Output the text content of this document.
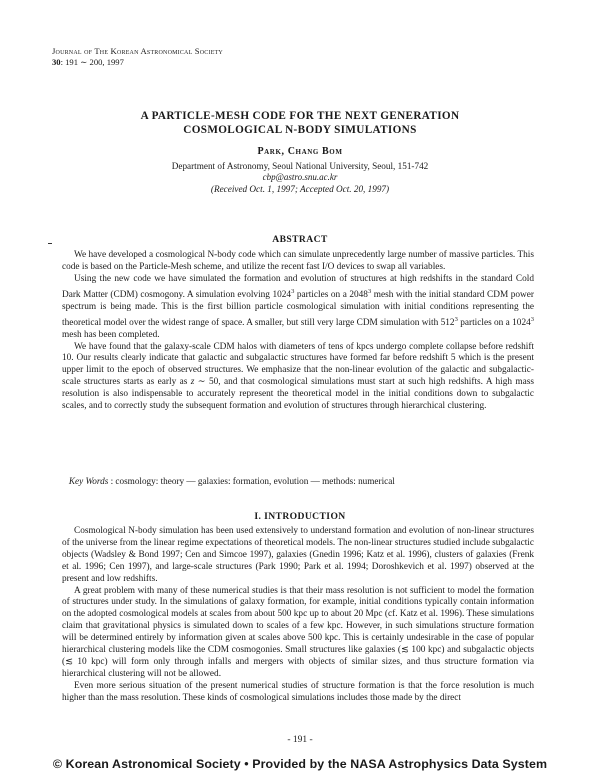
Journal of The Korean Astronomical Society
30: 191 ∼ 200, 1997
A PARTICLE-MESH CODE FOR THE NEXT GENERATION
COSMOLOGICAL N-BODY SIMULATIONS
Park, Chang Bom
Department of Astronomy, Seoul National University, Seoul, 151-742
cbp@astro.snu.ac.kr
(Received Oct. 1, 1997; Accepted Oct. 20, 1997)
ABSTRACT

We have developed a cosmological N-body code which can simulate unprecedently large number of massive particles. This code is based on the Particle-Mesh scheme, and utilize the recent fast I/O devices to swap all variables.

Using the new code we have simulated the formation and evolution of structures at high redshifts in the standard Cold Dark Matter (CDM) cosmogony. A simulation evolving 1024$^3$ particles on a 2048$^3$ mesh with the initial standard CDM power spectrum is being made. This is the first billion particle cosmological simulation with initial conditions representing the theoretical model over the widest range of space. A smaller, but still very large CDM simulation with $512^3$ particles on a 1024$^3$ mesh has been completed.

We have found that the galaxy-scale CDM halos with diameters of tens of kpcs undergo complete collapse before redshift 10. Our results clearly indicate that galactic and subgalactic structures have formed far before redshift 5 which is the present upper limit to the epoch of observed structures. We emphasize that the non-linear evolution of the galactic and subgalactic-scale structures starts as early as z ∼ 50, and that cosmological simulations must start at such high redshifts. A high mass resolution is also indispensable to accurately represent the theoretical model in the initial conditions down to subgalactic scales, and to correctly study the subsequent formation and evolution of structures through hierarchical clustering.

Key Words : cosmology: theory — galaxies: formation, evolution — methods: numerical
I. INTRODUCTION

Cosmological N-body simulation has been used extensively to understand formation and evolution of non-linear structures of the universe from the linear regime expectations of theoretical models. The non-linear structures studied include subgalactic objects (Wadsley & Bond 1997; Cen and Simcoe 1997), galaxies (Gnedin 1996; Katz et al. 1996), clusters of galaxies (Frenk et al. 1996; Cen 1997), and large-scale structures (Park 1990; Park et al. 1994; Doroshkevich et al. 1997) observed at the present and low redshifts.

A great problem with many of these numerical studies is that their mass resolution is not sufficient to model the formation of structures under study. In the simulations of galaxy formation, for example, initial conditions typically contain information on the adopted cosmological models at scales from about 500 kpc up to about 20 Mpc (cf. Katz et al. 1996). These simulations claim that gravitational physics is simulated down to scales of a few kpc. However, in such simulations structure formation will be determined entirely by information given at scales above 500 kpc. This is certainly undesirable in the case of popular hierarchical clustering models like the CDM cosmogonies. Small structures like galaxies (≲ 100 kpc) and subgalactic objects (≲ 10 kpc) will form only through infalls and mergers with objects of similar sizes, and thus structure formation via hierarchical clustering will not be allowed.

Even more serious situation of the present numerical studies of structure formation is that the force resolution is much higher than the mass resolution. These kinds of cosmological simulations includes those made by the direct

- 191 -
© Korean Astronomical Society • Provided by the NASA Astrophysics Data System
